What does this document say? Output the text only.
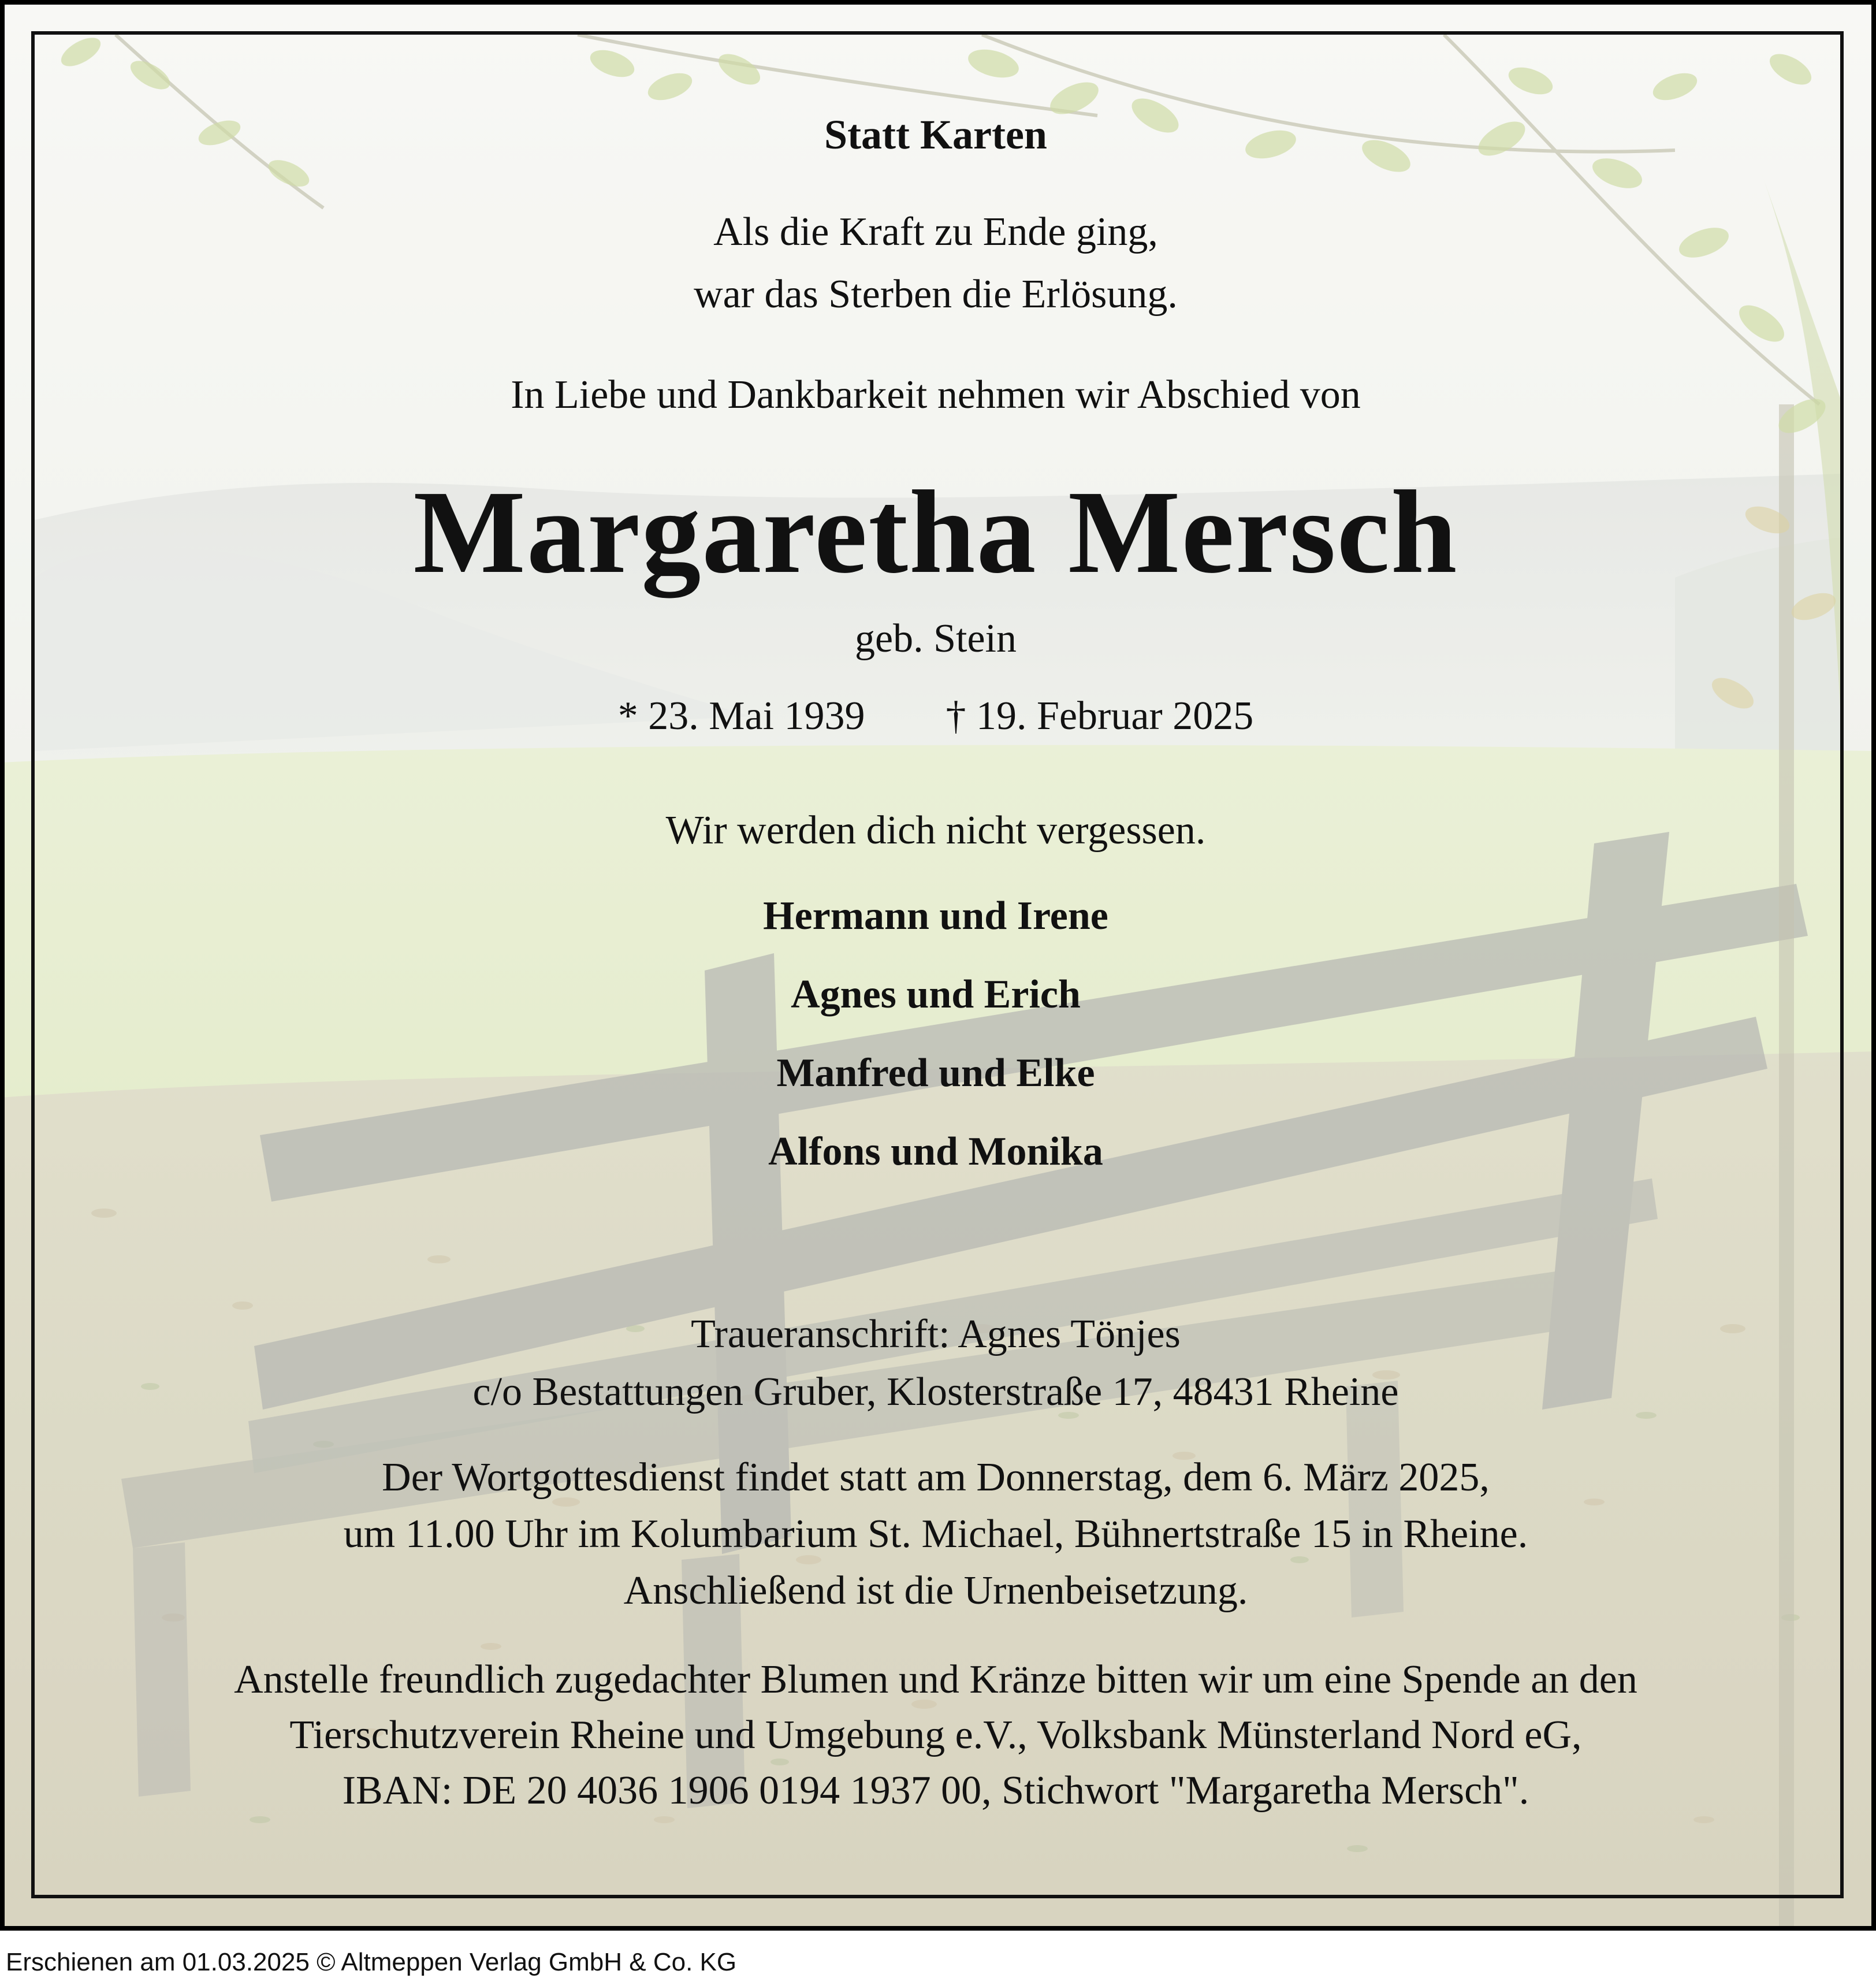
Statt Karten
Als die Kraft zu Ende ging,
war das Sterben die Erlösung.
In Liebe und Dankbarkeit nehmen wir Abschied von
Margaretha Mersch
geb. Stein
* 23. Mai 1939 † 19. Februar 2025
Wir werden dich nicht vergessen.
Hermann und Irene
Agnes und Erich
Manfred und Elke
Alfons und Monika
Traueranschrift: Agnes Tönjes
c/o Bestattungen Gruber, Klosterstraße 17, 48431 Rheine
Der Wortgottesdienst findet statt am Donnerstag, dem 6. März 2025,
um 11.00 Uhr im Kolumbarium St. Michael, Bühnertstraße 15 in Rheine.
Anschließend ist die Urnenbeisetzung.
Anstelle freundlich zugedachter Blumen und Kränze bitten wir um eine Spende an den
Tierschutzverein Rheine und Umgebung e.V., Volksbank Münsterland Nord eG,
IBAN: DE 20 4036 1906 0194 1937 00, Stichwort "Margaretha Mersch".
Erschienen am 01.03.2025 © Altmeppen Verlag GmbH & Co. KG
